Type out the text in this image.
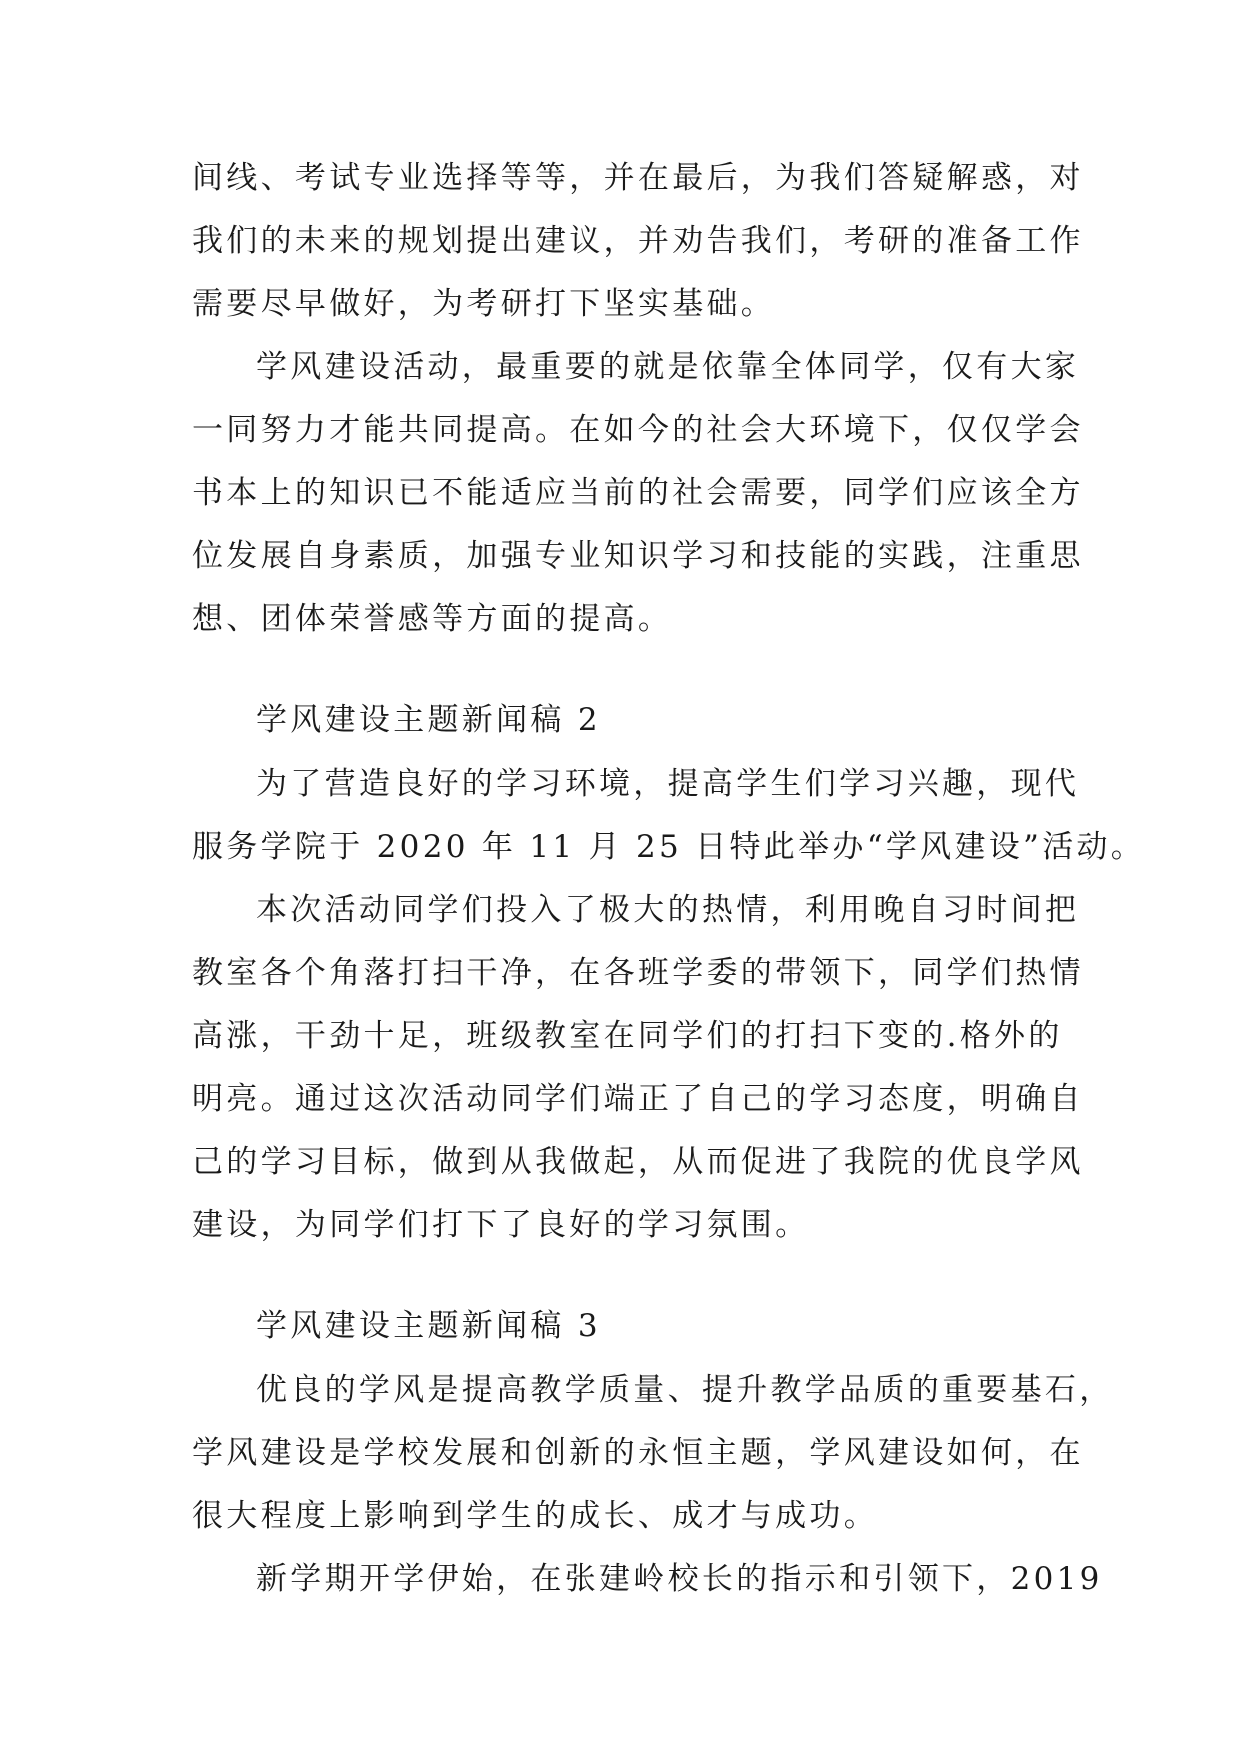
间线、考试专业选择等等，并在最后，为我们答疑解惑，对
我们的未来的规划提出建议，并劝告我们，考研的准备工作
需要尽早做好，为考研打下坚实基础。
学风建设活动，最重要的就是依靠全体同学，仅有大家
一同努力才能共同提高。在如今的社会大环境下，仅仅学会
书本上的知识已不能适应当前的社会需要，同学们应该全方
位发展自身素质，加强专业知识学习和技能的实践，注重思
想、团体荣誉感等方面的提高。
学风建设主题新闻稿 2
为了营造良好的学习环境，提高学生们学习兴趣，现代
服务学院于 2020 年 11 月 25 日特此举办“学风建设”活动。
本次活动同学们投入了极大的热情，利用晚自习时间把
教室各个角落打扫干净，在各班学委的带领下，同学们热情
高涨，干劲十足，班级教室在同学们的打扫下变的.格外的
明亮。通过这次活动同学们端正了自己的学习态度，明确自
己的学习目标，做到从我做起，从而促进了我院的优良学风
建设，为同学们打下了良好的学习氛围。
学风建设主题新闻稿 3
优良的学风是提高教学质量、提升教学品质的重要基石，
学风建设是学校发展和创新的永恒主题，学风建设如何，在
很大程度上影响到学生的成长、成才与成功。
新学期开学伊始，在张建岭校长的指示和引领下，2019
